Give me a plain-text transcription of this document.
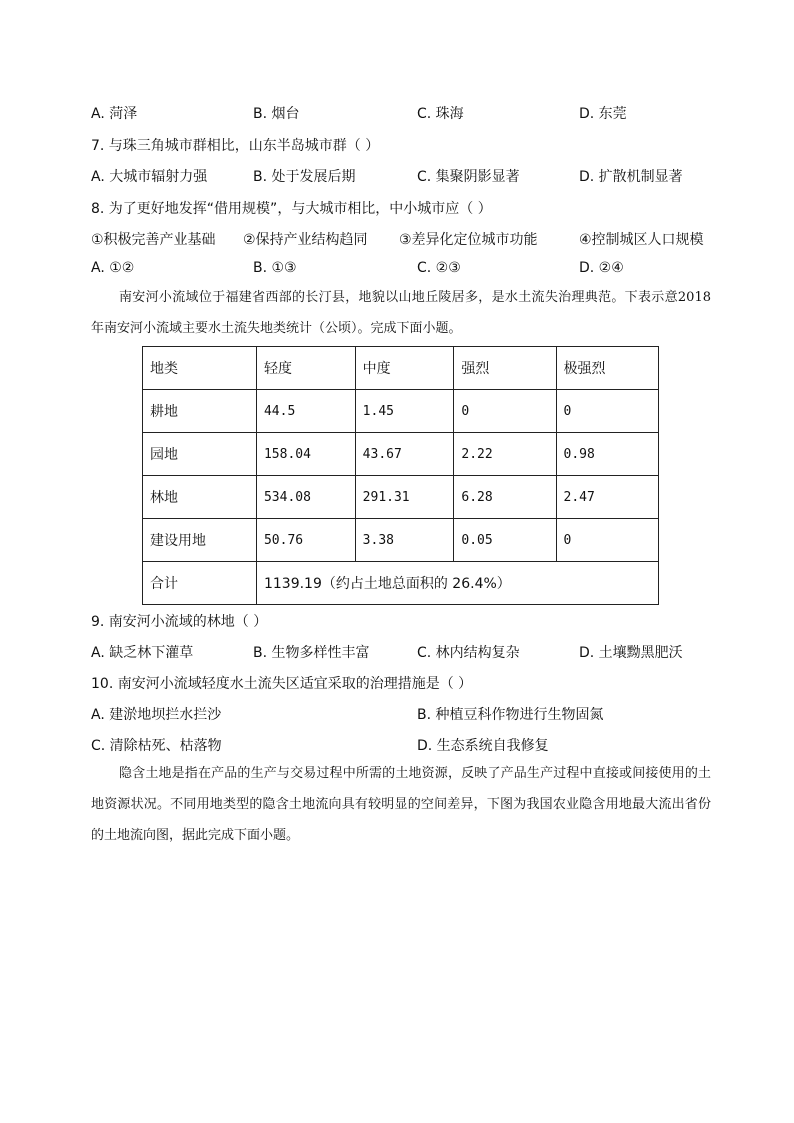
A. 菏泽	B. 烟台	C. 珠海	D. 东莞
7. 与珠三角城市群相比，山东半岛城市群（ ）
A. 大城市辐射力强	B. 处于发展后期	C. 集聚阴影显著	D. 扩散机制显著
8. 为了更好地发挥“借用规模”，与大城市相比，中小城市应（ ）
①积极完善产业基础 ②保持产业结构趋同 ③差异化定位城市功能	④控制城区人口规模
A. ①②	B. ①③	C. ②③	D. ②④
南安河小流域位于福建省西部的长汀县，地貌以山地丘陵居多，是水土流失治理典范。下表示意2018年南安河小流域主要水土流失地类统计（公顷）。完成下面小题。
地类	轻度	中度	强烈	极强烈
耕地	44.5	1.45	0	0
园地	158.04	43.67	2.22	0.98
林地	534.08	291.31	6.28	2.47
建设用地	50.76	3.38	0.05	0
合计	1139.19（约占土地总面积的 26.4%）			
9. 南安河小流域的林地（ ）
A. 缺乏林下灌草	B. 生物多样性丰富	C. 林内结构复杂	D. 土壤黝黑肥沃
10. 南安河小流域轻度水土流失区适宜采取的治理措施是（ ）
A. 建淤地坝拦水拦沙	B. 种植豆科作物进行生物固氮
C. 清除枯死、枯落物	D. 生态系统自我修复
隐含土地是指在产品的生产与交易过程中所需的土地资源，反映了产品生产过程中直接或间接使用的土地资源状况。不同用地类型的隐含土地流向具有较明显的空间差异，下图为我国农业隐含用地最大流出省份的土地流向图，据此完成下面小题。
